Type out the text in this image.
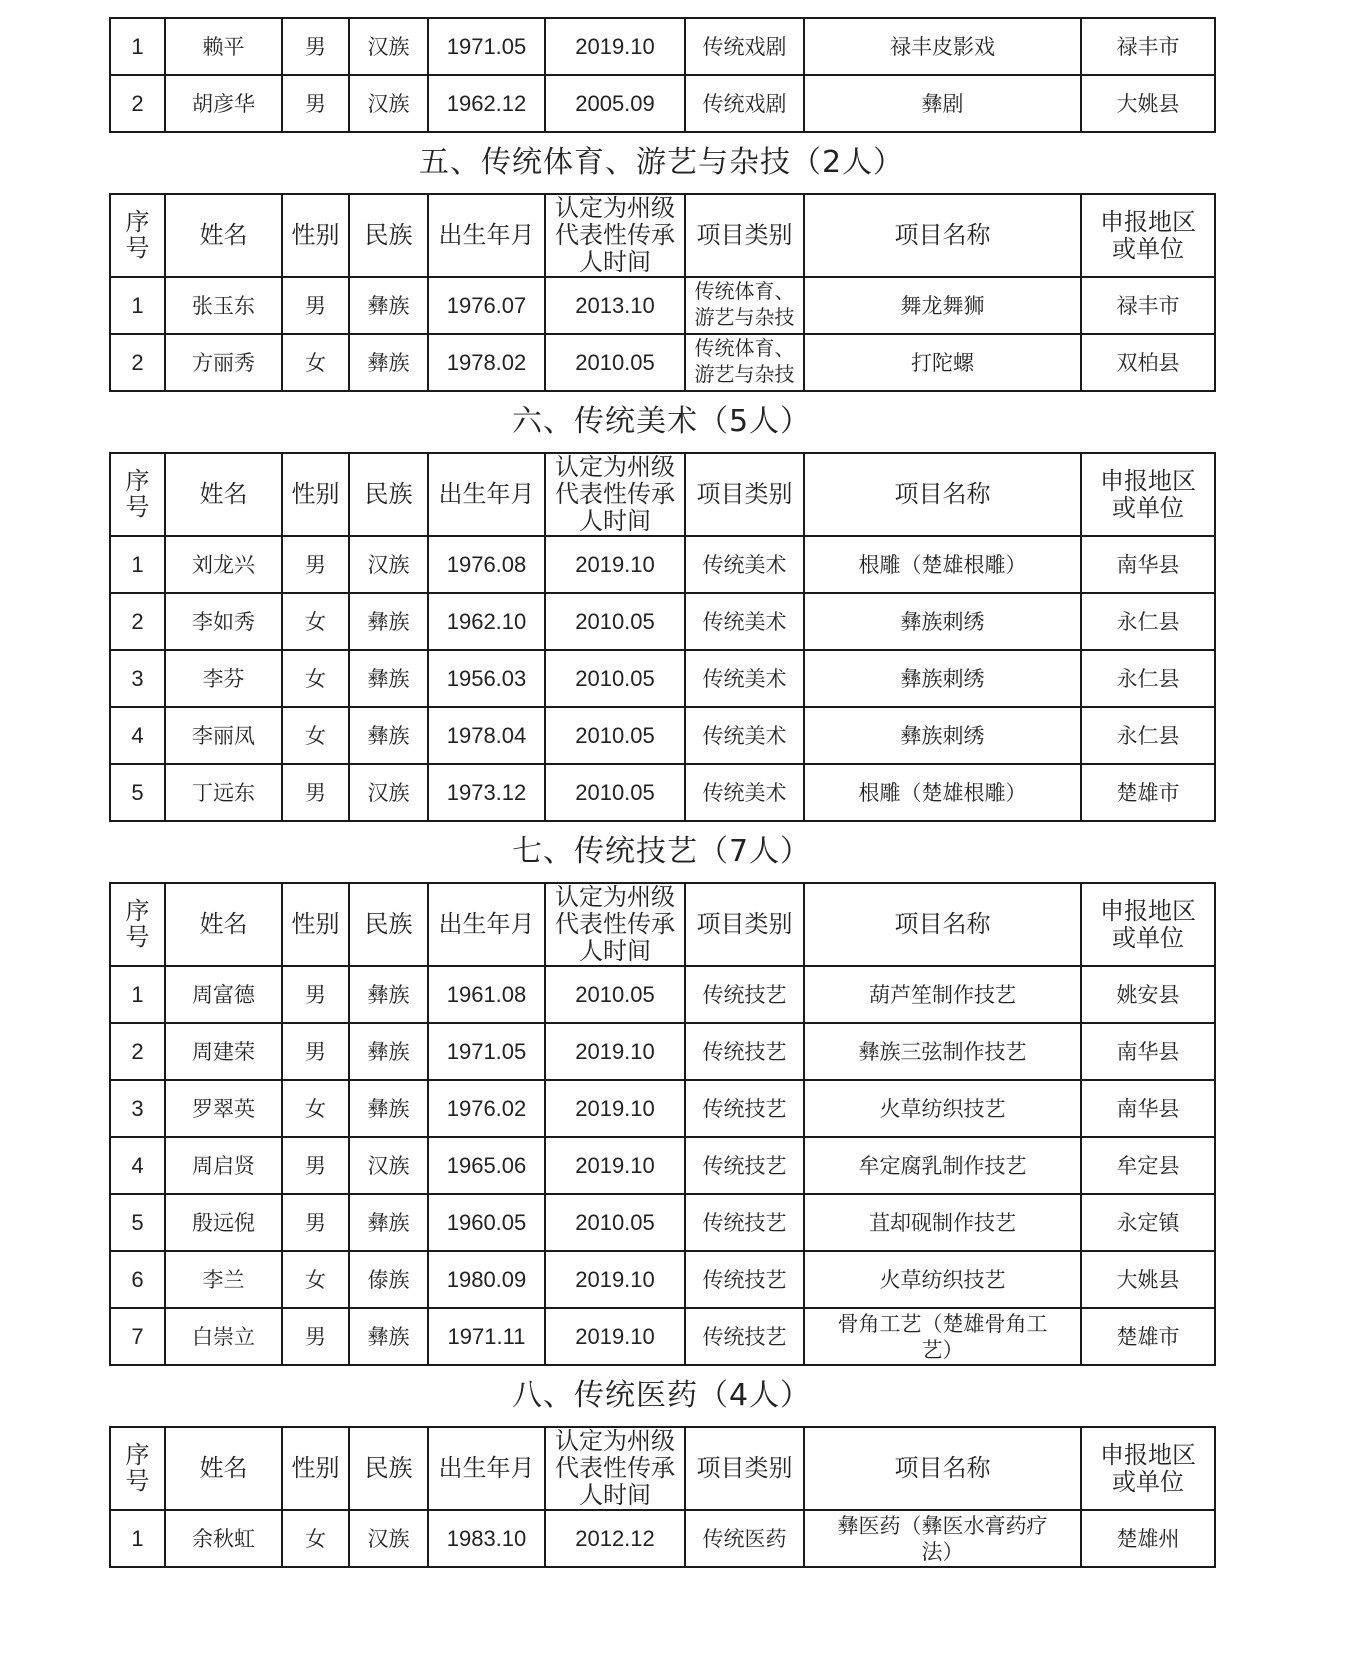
1	赖平	男	汉族	1971.05	2019.10	传统戏剧	禄丰皮影戏	禄丰市
2	胡彦华	男	汉族	1962.12	2005.09	传统戏剧	彝剧	大姚县
五、传统体育、游艺与杂技（2人）
序号	姓名	性别	民族	出生年月	认定为州级代表性传承人时间	项目类别	项目名称	申报地区或单位
1	张玉东	男	彝族	1976.07	2013.10	传统体育、游艺与杂技	舞龙舞狮	禄丰市
2	方丽秀	女	彝族	1978.02	2010.05	传统体育、游艺与杂技	打陀螺	双柏县
六、传统美术（5人）
序号	姓名	性别	民族	出生年月	认定为州级代表性传承人时间	项目类别	项目名称	申报地区或单位
1	刘龙兴	男	汉族	1976.08	2019.10	传统美术	根雕（楚雄根雕）	南华县
2	李如秀	女	彝族	1962.10	2010.05	传统美术	彝族刺绣	永仁县
3	李芬	女	彝族	1956.03	2010.05	传统美术	彝族刺绣	永仁县
4	李丽凤	女	彝族	1978.04	2010.05	传统美术	彝族刺绣	永仁县
5	丁远东	男	汉族	1973.12	2010.05	传统美术	根雕（楚雄根雕）	楚雄市
七、传统技艺（7人）
序号	姓名	性别	民族	出生年月	认定为州级代表性传承人时间	项目类别	项目名称	申报地区或单位
1	周富德	男	彝族	1961.08	2010.05	传统技艺	葫芦笙制作技艺	姚安县
2	周建荣	男	彝族	1971.05	2019.10	传统技艺	彝族三弦制作技艺	南华县
3	罗翠英	女	彝族	1976.02	2019.10	传统技艺	火草纺织技艺	南华县
4	周启贤	男	汉族	1965.06	2019.10	传统技艺	牟定腐乳制作技艺	牟定县
5	殷远倪	男	彝族	1960.05	2010.05	传统技艺	苴却砚制作技艺	永定镇
6	李兰	女	傣族	1980.09	2019.10	传统技艺	火草纺织技艺	大姚县
7	白崇立	男	彝族	1971.11	2019.10	传统技艺	骨角工艺（楚雄骨角工艺）	楚雄市
八、传统医药（4人）
序号	姓名	性别	民族	出生年月	认定为州级代表性传承人时间	项目类别	项目名称	申报地区或单位
1	余秋虹	女	汉族	1983.10	2012.12	传统医药	彝医药（彝医水膏药疗法）	楚雄州
